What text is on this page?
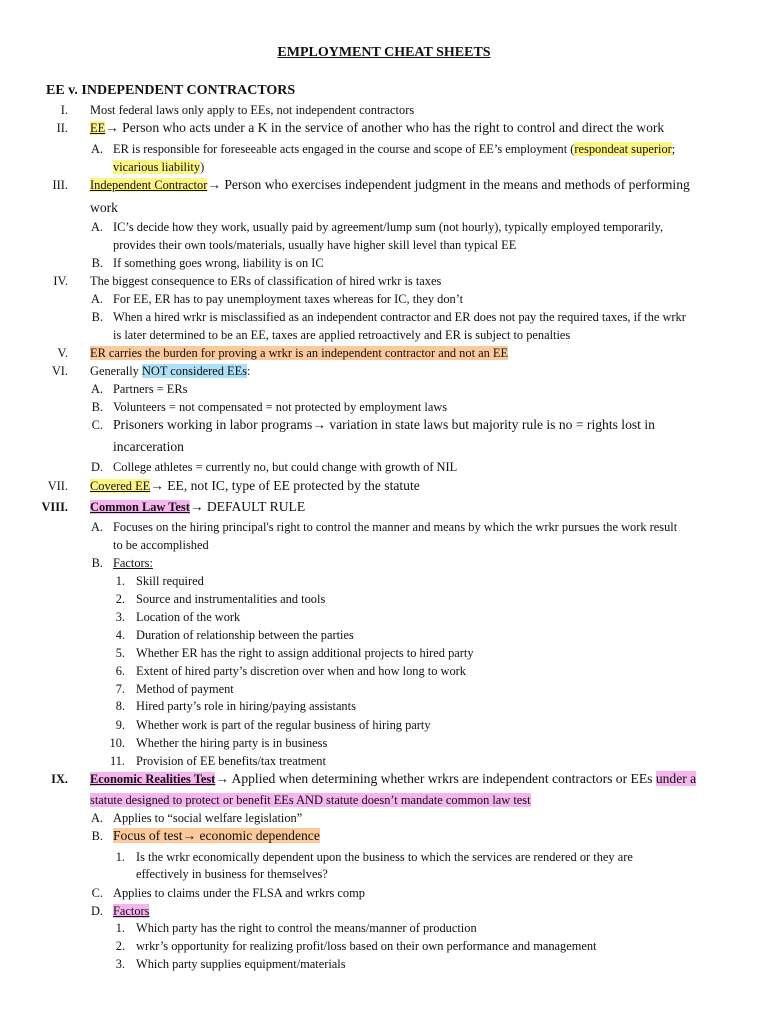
EMPLOYMENT CHEAT SHEETS
EE v. INDEPENDENT CONTRACTORS
I. Most federal laws only apply to EEs, not independent contractors
II. EE→ Person who acts under a K in the service of another who has the right to control and direct the work
A. ER is responsible for foreseeable acts engaged in the course and scope of EE’s employment (respondeat superior;
vicarious liability)
III. Independent Contractor→ Person who exercises independent judgment in the means and methods of performing
work
A. IC’s decide how they work, usually paid by agreement/lump sum (not hourly), typically employed temporarily,
provides their own tools/materials, usually have higher skill level than typical EE
B. If something goes wrong, liability is on IC
IV. The biggest consequence to ERs of classification of hired wrkr is taxes
A. For EE, ER has to pay unemployment taxes whereas for IC, they don’t
B. When a hired wrkr is misclassified as an independent contractor and ER does not pay the required taxes, if the wrkr
is later determined to be an EE, taxes are applied retroactively and ER is subject to penalties
V. ER carries the burden for proving a wrkr is an independent contractor and not an EE
VI. Generally NOT considered EEs:
A. Partners = ERs
B. Volunteers = not compensated = not protected by employment laws
C. Prisoners working in labor programs→ variation in state laws but majority rule is no = rights lost in
incarceration
D. College athletes = currently no, but could change with growth of NIL
VII. Covered EE→ EE, not IC, type of EE protected by the statute
VIII. Common Law Test→ DEFAULT RULE
A. Focuses on the hiring principal's right to control the manner and means by which the wrkr pursues the work result
to be accomplished
B. Factors:
1. Skill required
2. Source and instrumentalities and tools
3. Location of the work
4. Duration of relationship between the parties
5. Whether ER has the right to assign additional projects to hired party
6. Extent of hired party’s discretion over when and how long to work
7. Method of payment
8. Hired party’s role in hiring/paying assistants
9. Whether work is part of the regular business of hiring party
10. Whether the hiring party is in business
11. Provision of EE benefits/tax treatment
IX. Economic Realities Test→ Applied when determining whether wrkrs are independent contractors or EEs under a
statute designed to protect or benefit EEs AND statute doesn’t mandate common law test
A. Applies to “social welfare legislation”
B. Focus of test→ economic dependence
1. Is the wrkr economically dependent upon the business to which the services are rendered or they are
effectively in business for themselves?
C. Applies to claims under the FLSA and wrkrs comp
D. Factors
1. Which party has the right to control the means/manner of production
2. wrkr’s opportunity for realizing profit/loss based on their own performance and management
3. Which party supplies equipment/materials
